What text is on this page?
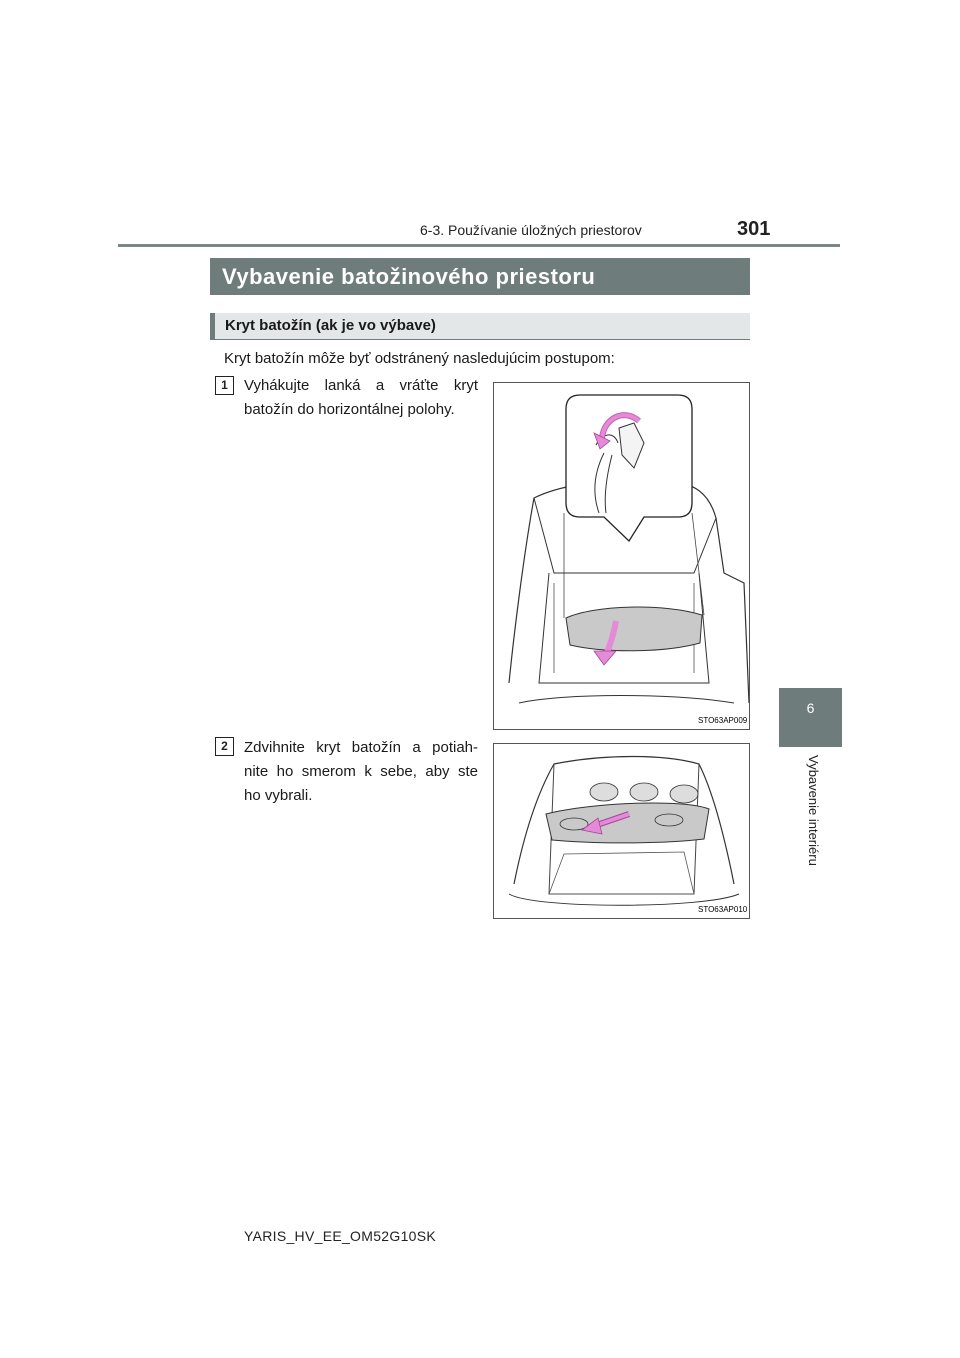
6-3. Používanie úložných priestorov	301
6
Vybavenie interiéru
Vybavenie batožinového priestoru
Kryt batožín (ak je vo výbave)
Kryt batožín môže byť odstránený nasledujúcim postupom:
1	Vyhákujte lanká a vráťte kryt
batožín do horizontálnej polohy.
STO63AP009
2	Zdvihnite kryt batožín a potiah-
nite ho smerom k sebe, aby ste
ho vybrali.
STO63AP010
YARIS_HV_EE_OM52G10SK
